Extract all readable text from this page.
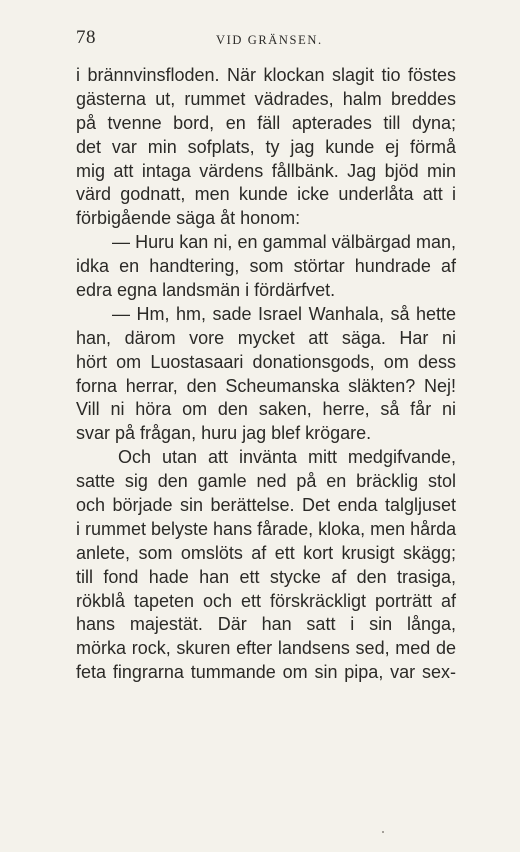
78	VID GRÄNSEN.
i brännvinsfloden. När klockan slagit tio föstes
gästerna ut, rummet vädrades, halm breddes
på tvenne bord, en fäll apterades till dyna;
det var min sofplats, ty jag kunde ej förmå
mig att intaga värdens fållbänk. Jag bjöd min
värd godnatt, men kunde icke underlåta att i
förbigående säga åt honom:
— Huru kan ni, en gammal välbärgad man,
idka en handtering, som störtar hundrade af
edra egna landsmän i fördärfvet.
— Hm, hm, sade Israel Wanhala, så hette
han, därom vore mycket att säga. Har ni
hört om Luostasaari donationsgods, om dess
forna herrar, den Scheumanska släkten? Nej!
Vill ni höra om den saken, herre, så får ni
svar på frågan, huru jag blef krögare.
Och utan att invänta mitt medgifvande,
satte sig den gamle ned på en bräcklig stol
och började sin berättelse. Det enda talgljuset
i rummet belyste hans fårade, kloka, men hårda
anlete, som omslöts af ett kort krusigt skägg;
till fond hade han ett stycke af den trasiga,
rökblå tapeten och ett förskräckligt porträtt af
hans majestät. Där han satt i sin långa,
mörka rock, skuren efter landsens sed, med de
feta fingrarna tummande om sin pipa, var sex-
